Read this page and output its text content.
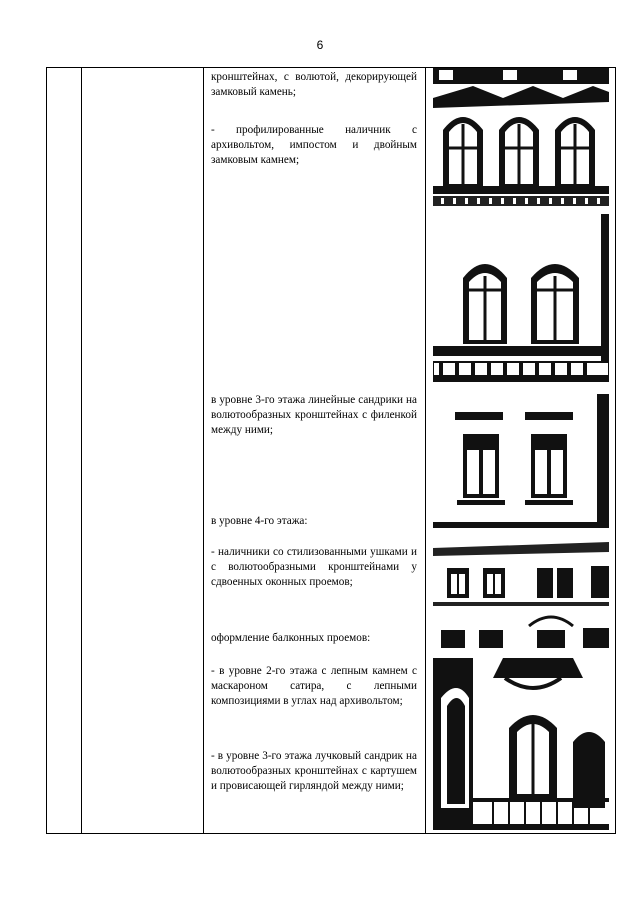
6
кронштейнах, с волютой, декорирующей замковый камень;
- профилированные наличник с архивольтом, импостом и двойным замковым камнем;
в уровне 3-го этажа линейные сандрики на волютообразных кронштейнах с филенкой между ними;
в уровне 4-го этажа:
- наличники со стилизованными ушками и с волютообразными кронштейнами у сдвоенных оконных проемов;
оформление балконных проемов:
- в уровне 2-го этажа с лепным камнем с маскароном сатира, с лепными композициями в углах над архивольтом;
- в уровне 3-го этажа лучковый сандрик на волютообразных кронштейнах с картушем и провисающей гирляндой между ними;
